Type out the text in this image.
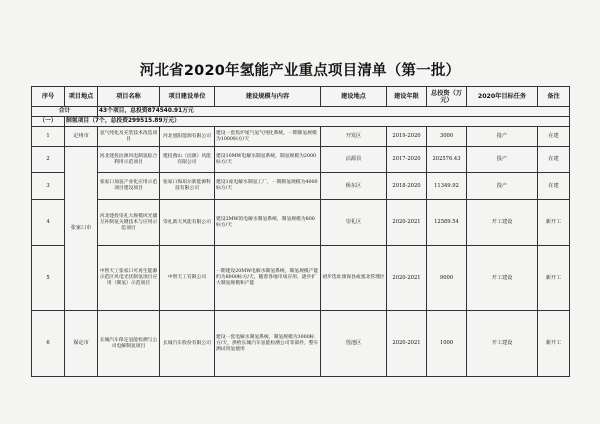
河北省2020年氢能产业重点项目清单（第一批）
序号	项目地点	项目名称	项目建设单位	建设规模与内容	建设地点	建设年限	总投资（万元）	2020年目标任务	备注
合计		43个项目，总投资874540.91万元							
（一）	制氢项目（7个，总投资299515.89万元）								
1	定州市	氢气纯化及充装技术改造项目	河北旭阳能源有限公司	建设一套焦炉尾气氢气纯化系统，一期制氢规模为1000标方/天	开发区	2019-2020	3000	投产	在建
2	张家口市	河北建投沽源风电制氢综合利用示范项目	建投燕山（沽源）风能有限公司	建设10MW电解水制氢系统，制氢规模为2000标方/天	沽源县	2017-2020	202576.43	投产	在建
3		张家口加氢产业化应用示范项目建设项目	张家口海珀尔新能源科技有限公司	建设1座电解水制氢工厂，一期制氢规模为4000标方/天	桥东区	2018-2020	11349.92	投产	在建
4		河北建投崇礼大规模风光储互补制氢关键技术与应用示范项目	崇礼新天风能有限公司	建设2MW的电解水制氢系统，制氢规模为800标方/天	崇礼区	2020-2021	12589.54	开工建设	新开工
5		中智天工张家口可再生能源示范区风电光伏制氢项目应用（制氢）示范项目	中智天工有限公司	一期建设20MW电解水制氢系统，制氢规模产能约为8000标方/天，随着各地市场应用，逐步扩大制氢规模和产能	初步选址康保县或塞北管理区	2020-2021	9000	开工建设	新开工
6	保定市	长城汽车保定氢能检测与公司电解制氢项目	长城汽车股份有限公司	建设一套电解水制氢系统，制氢规模为3000标方/天，供给长城汽车氢能检测公司等部件，整车测试用氢使用	莲池区	2020-2021	1000	开工建设	新开工
